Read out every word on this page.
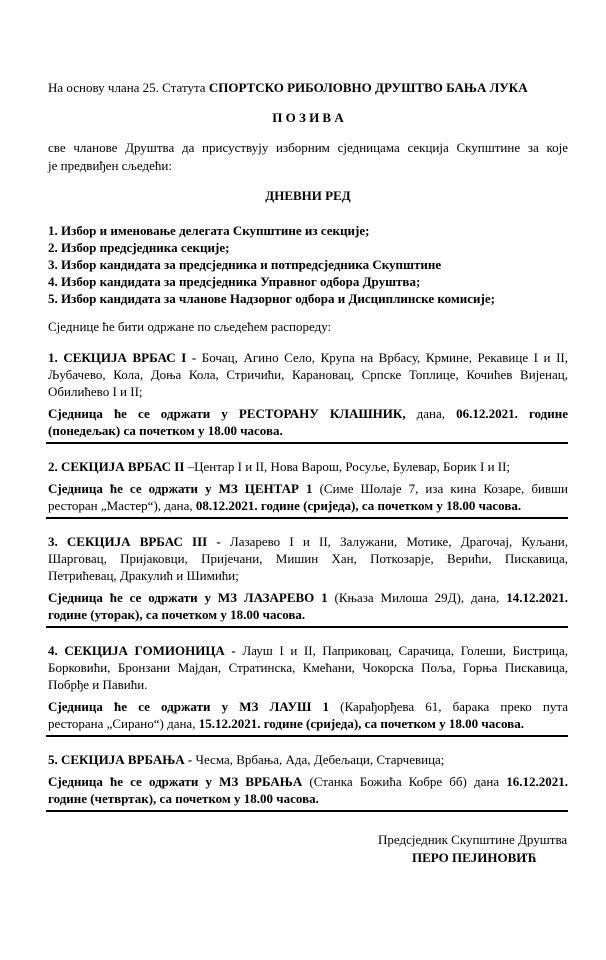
На основу члана 25. Статута СПОРТСКО РИБОЛОВНО ДРУШТВО БАЊА ЛУКА
П О З И В А
све чланове Друштва да присуствују изборним сједницама секција Скупштине за које
је предвиђен сљедећи:
ДНЕВНИ РЕД
1. Избор и именовање делегата Скупштине из секције;
2. Избор предсједника секције;
3. Избор кандидата за предсједника и потпредсједника Скупштине
4. Избор кандидата за предсједника Управног одбора Друштва;
5. Избор кандидата за чланове Надзорног одбора и Дисциплинске комисије;
Сједнице ће бити одржане по сљедећем распореду:
1. СЕКЦИЈА ВРБАС I - Бочац, Агино Село, Крупа на Врбасу, Крмине, Рекавице I и II,
Љубачево, Кола, Доња Кола, Стричићи, Карановац, Српске Топлице, Кочићев Вијенац,
Обилићево I и II;
Сједница ће се одржати у РЕСТОРАНУ КЛАШНИК, дана, 06.12.2021. године
(понедељак) са почетком у 18.00 часова.
2. СЕКЦИЈА ВРБАС II –Центар I и II, Нова Варош, Росуље, Булевар, Борик I и II;
Сједница ће се одржати у МЗ ЦЕНТАР 1 (Симе Шолаје 7, иза кина Козаре, бивши
ресторан „Мастер“), дана, 08.12.2021. године (сриједа), са почетком у 18.00 часова.
3. СЕКЦИЈА ВРБАС III - Лазарево I и II, Залужани, Мотике, Драгочај, Куљани,
Шарговац, Пријаковци, Пријечани, Мишин Хан, Поткозарје, Верићи, Пискавица,
Петрићевац, Дракулић и Шимићи;
Сједница ће се одржати у МЗ ЛАЗАРЕВО 1 (Књаза Милоша 29Д), дана, 14.12.2021.
године (уторак), са почетком у 18.00 часова.
4. СЕКЦИЈА ГОМИОНИЦА - Лауш I и II, Паприковац, Сарачица, Голеши, Бистрица,
Борковићи, Бронзани Мајдан, Стратинска, Кмећани, Чокорска Поља, Горња Пискавица,
Побрђе и Павићи.
Сједница ће се одржати у МЗ ЛАУШ 1 (Карађорђева 61, барака преко пута
ресторана „Сирано“) дана, 15.12.2021. године (сриједа), са почетком у 18.00 часова.
5. СЕКЦИЈА ВРБАЊА - Чесма, Врбања, Ада, Дебељаци, Старчевица;
Сједница ће се одржати у МЗ ВРБАЊА (Станка Божића Кобре бб) дана 16.12.2021.
године (четвртак), са почетком у 18.00 часова.
Предсједник Скупштине Друштва
ПЕРО ПЕЈИНОВИЋ
